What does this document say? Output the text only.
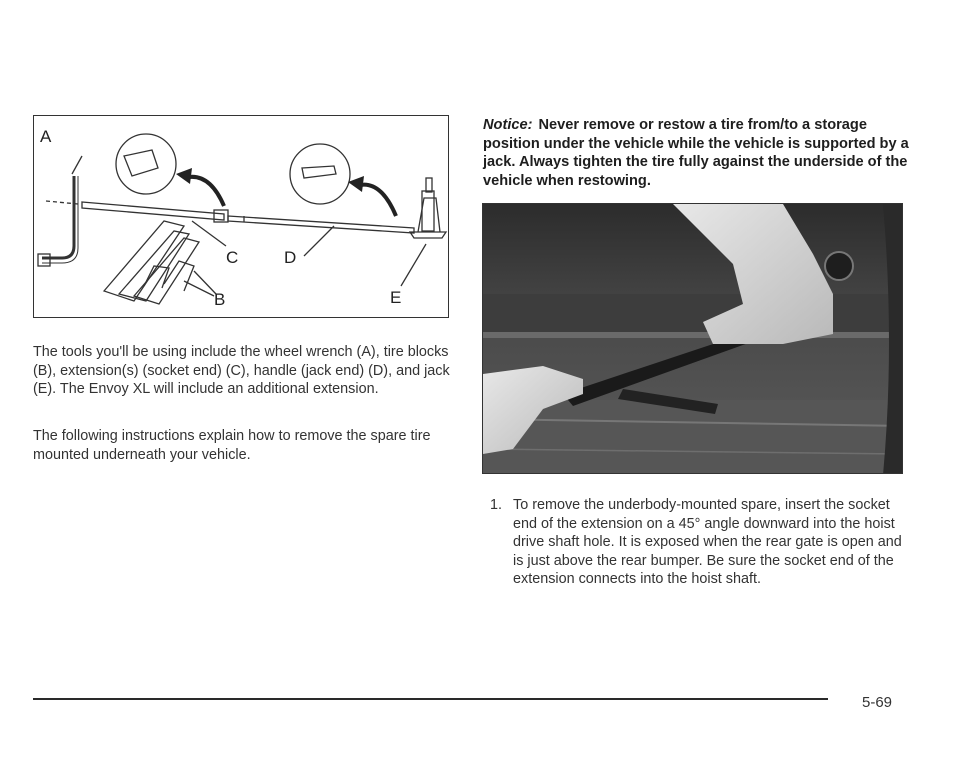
A
C	D
B	E

The tools you'll be using include the wheel wrench (A), tire blocks (B), extension(s) (socket end) (C), handle (jack end) (D), and jack (E). The Envoy XL will include an additional extension.

The following instructions explain how to remove the spare tire mounted underneath your vehicle.

Notice: Never remove or restow a tire from/to a storage position under the vehicle while the vehicle is supported by a jack. Always tighten the tire fully against the underside of the vehicle when restowing.

1. To remove the underbody-mounted spare, insert the socket end of the extension on a 45° angle downward into the hoist drive shaft hole. It is exposed when the rear gate is open and is just above the rear bumper. Be sure the socket end of the extension connects into the hoist shaft.
5-69
